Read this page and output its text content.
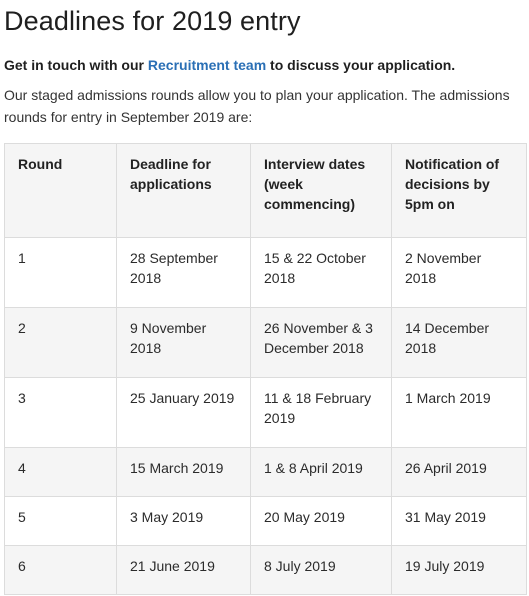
Deadlines for 2019 entry

Get in touch with our Recruitment team to discuss your application.

Our staged admissions rounds allow you to plan your application. The admissions rounds for entry in September 2019 are:

Round	Deadline for applications	Interview dates (week commencing)	Notification of decisions by 5pm on
1	28 September 2018	15 & 22 October 2018	2 November 2018
2	9 November 2018	26 November & 3 December 2018	14 December 2018
3	25 January 2019	11 & 18 February 2019	1 March 2019
4	15 March 2019	1 & 8 April 2019	26 April 2019
5	3 May 2019	20 May 2019	31 May 2019
6	21 June 2019	8 July 2019	19 July 2019
